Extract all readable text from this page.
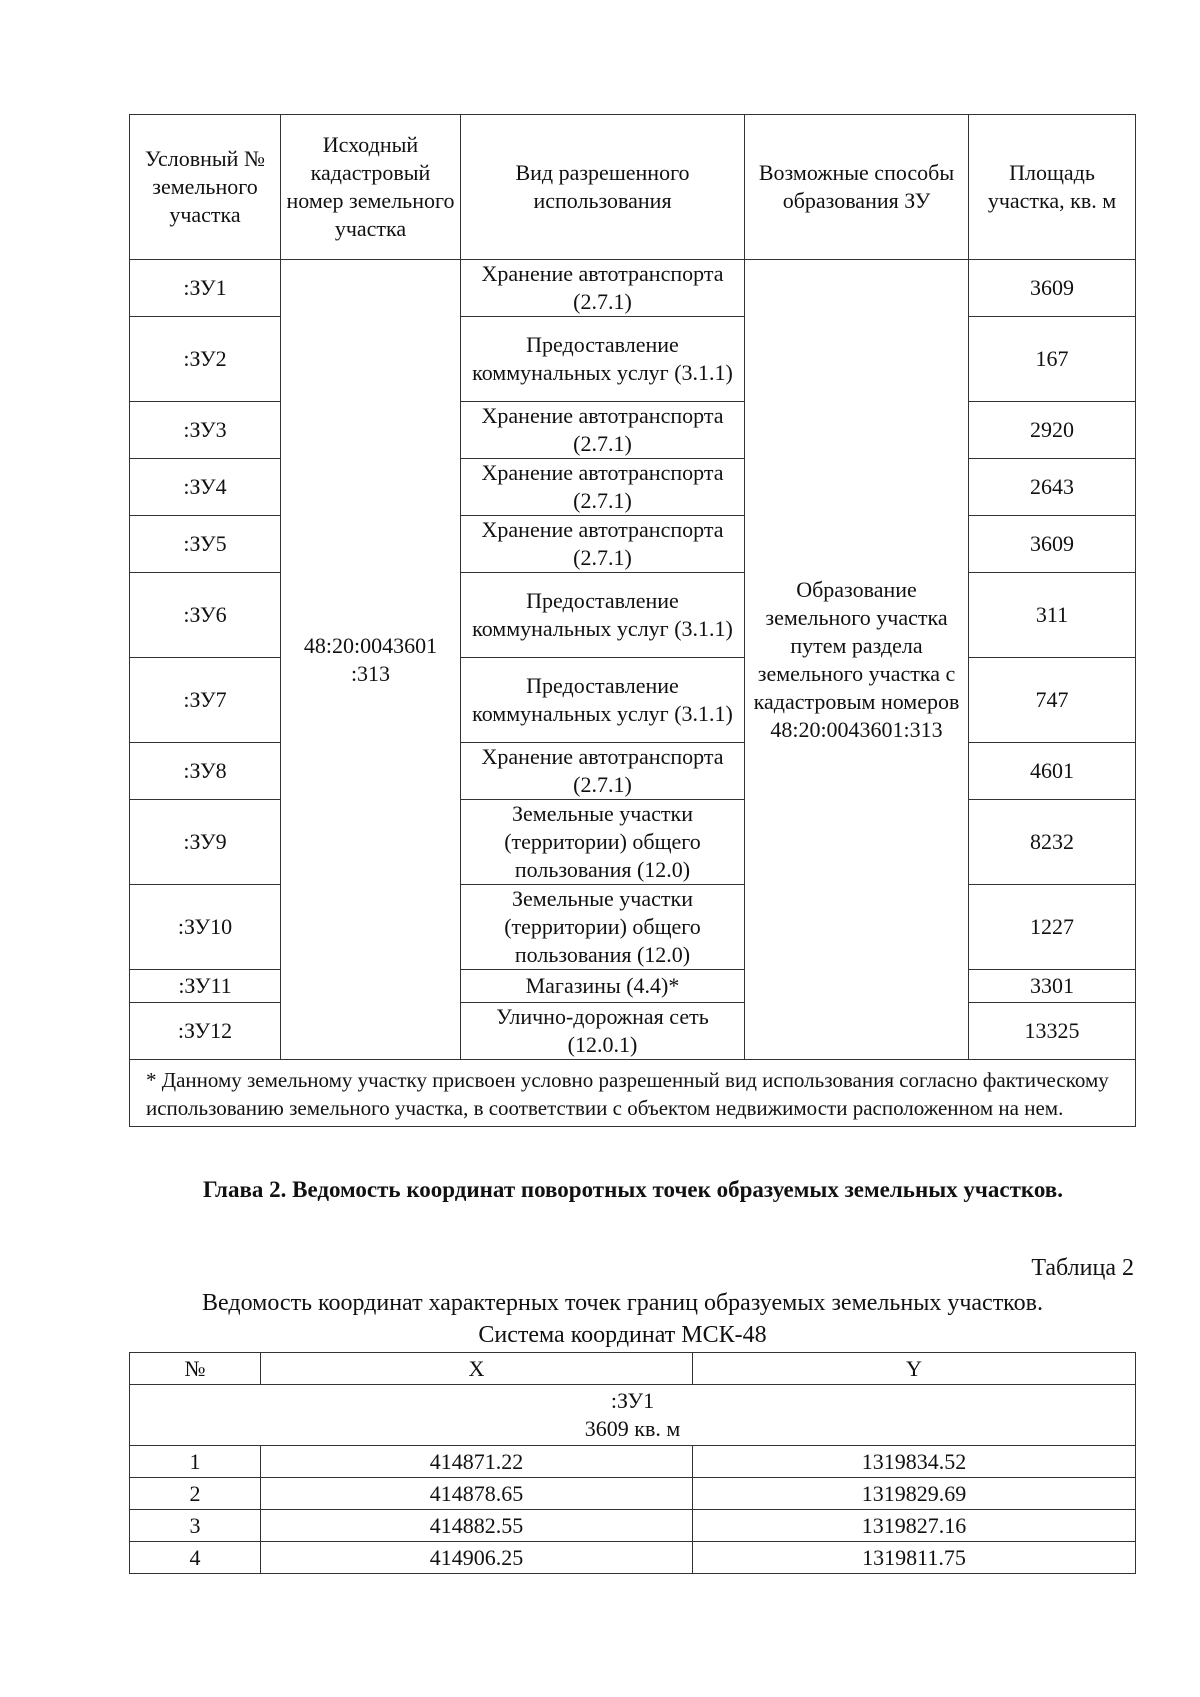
Условный № земельного участка	Исходный кадастровый номер земельного участка	Вид разрешенного использования	Возможные способы образования ЗУ	Площадь участка, кв. м
:ЗУ1	48:20:0043601 :313	Хранение автотранспорта (2.7.1)	Образование земельного участка путем раздела земельного участка с кадастровым номеров 48:20:0043601:313	3609
:ЗУ2		Предоставление коммунальных услуг (3.1.1)		167
:ЗУ3		Хранение автотранспорта (2.7.1)		2920
:ЗУ4		Хранение автотранспорта (2.7.1)		2643
:ЗУ5		Хранение автотранспорта (2.7.1)		3609
:ЗУ6		Предоставление коммунальных услуг (3.1.1)		311
:ЗУ7		Предоставление коммунальных услуг (3.1.1)		747
:ЗУ8		Хранение автотранспорта (2.7.1)		4601
:ЗУ9		Земельные участки (территории) общего пользования (12.0)		8232
:ЗУ10		Земельные участки (территории) общего пользования (12.0)		1227
:ЗУ11		Магазины (4.4)*		3301
:ЗУ12		Улично-дорожная сеть (12.0.1)		13325
* Данному земельному участку присвоен условно разрешенный вид использования согласно фактическому использованию земельного участка, в соответствии с объектом недвижимости расположенном на нем.				

Глава 2. Ведомость координат поворотных точек образуемых земельных участков.

Таблица 2
Ведомость координат характерных точек границ образуемых земельных участков.
Система координат МСК-48
№	X	Y

:ЗУ1
3609 кв. м		

1	414871.22	1319834.52
2	414878.65	1319829.69
3	414882.55	1319827.16
4	414906.25	1319811.75
